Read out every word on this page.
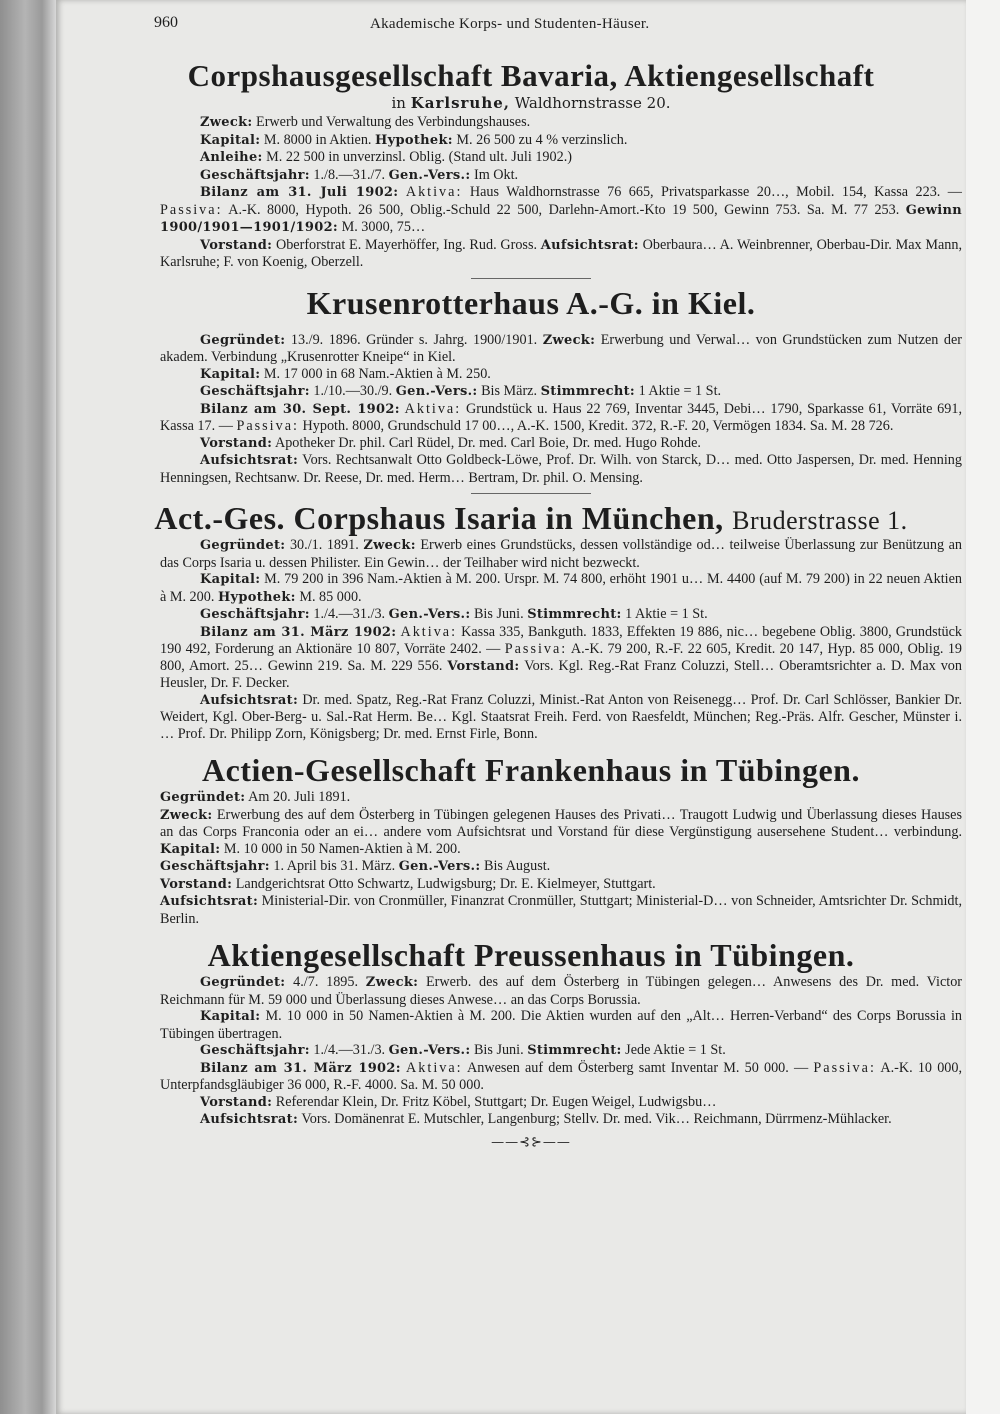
960	Akademische Korps- und Studenten-Häuser.
Corpshausgesellschaft Bavaria, Aktiengesellschaft
in Karlsruhe, Waldhornstrasse 20.

Zweck: Erwerb und Verwaltung des Verbindungshauses.

Kapital: M. 8000 in Aktien. Hypothek: M. 26 500 zu 4 % verzinslich.

Anleihe: M. 22 500 in unverzinsl. Oblig. (Stand ult. Juli 1902.)

Geschäftsjahr: 1./8.—31./7. Gen.-Vers.: Im Okt.

Bilanz am 31. Juli 1902: Aktiva: Haus Waldhornstrasse 76 665, Privatsparkasse 20…, Mobil. 154, Kassa 223. — Passiva: A.-K. 8000, Hypoth. 26 500, Oblig.-Schuld 22 500, Darlehn-Amort.-Kto 19 500, Gewinn 753. Sa. M. 77 253. Gewinn 1900/1901—1901/1902: M. 3000, 75…

Vorstand: Oberforstrat E. Mayerhöffer, Ing. Rud. Gross. Aufsichtsrat: Oberbaura… A. Weinbrenner, Oberbau-Dir. Max Mann, Karlsruhe; F. von Koenig, Oberzell.

Krusenrotterhaus A.-G. in Kiel.

Gegründet: 13./9. 1896. Gründer s. Jahrg. 1900/1901. Zweck: Erwerbung und Verwal… von Grundstücken zum Nutzen der akadem. Verbindung „Krusenrotter Kneipe“ in Kiel.

Kapital: M. 17 000 in 68 Nam.-Aktien à M. 250.

Geschäftsjahr: 1./10.—30./9. Gen.-Vers.: Bis März. Stimmrecht: 1 Aktie = 1 St.

Bilanz am 30. Sept. 1902: Aktiva: Grundstück u. Haus 22 769, Inventar 3445, Debi… 1790, Sparkasse 61, Vorräte 691, Kassa 17. — Passiva: Hypoth. 8000, Grundschuld 17 00…, A.-K. 1500, Kredit. 372, R.-F. 20, Vermögen 1834. Sa. M. 28 726.

Vorstand: Apotheker Dr. phil. Carl Rüdel, Dr. med. Carl Boie, Dr. med. Hugo Rohde.

Aufsichtsrat: Vors. Rechtsanwalt Otto Goldbeck-Löwe, Prof. Dr. Wilh. von Starck, D… med. Otto Jaspersen, Dr. med. Henning Henningsen, Rechtsanw. Dr. Reese, Dr. med. Herm… Bertram, Dr. phil. O. Mensing.

Act.-Ges. Corpshaus Isaria in München, Bruderstrasse 1.

Gegründet: 30./1. 1891. Zweck: Erwerb eines Grundstücks, dessen vollständige od… teilweise Überlassung zur Benützung an das Corps Isaria u. dessen Philister. Ein Gewin… der Teilhaber wird nicht bezweckt.

Kapital: M. 79 200 in 396 Nam.-Aktien à M. 200. Urspr. M. 74 800, erhöht 1901 u… M. 4400 (auf M. 79 200) in 22 neuen Aktien à M. 200. Hypothek: M. 85 000.

Geschäftsjahr: 1./4.—31./3. Gen.-Vers.: Bis Juni. Stimmrecht: 1 Aktie = 1 St.

Bilanz am 31. März 1902: Aktiva: Kassa 335, Bankguth. 1833, Effekten 19 886, nic… begebene Oblig. 3800, Grundstück 190 492, Forderung an Aktionäre 10 807, Vorräte 2402. — Passiva: A.-K. 79 200, R.-F. 22 605, Kredit. 20 147, Hyp. 85 000, Oblig. 19 800, Amort. 25… Gewinn 219. Sa. M. 229 556. Vorstand: Vors. Kgl. Reg.-Rat Franz Coluzzi, Stell… Oberamtsrichter a. D. Max von Heusler, Dr. F. Decker.

Aufsichtsrat: Dr. med. Spatz, Reg.-Rat Franz Coluzzi, Minist.-Rat Anton von Reisenegg… Prof. Dr. Carl Schlösser, Bankier Dr. Weidert, Kgl. Ober-Berg- u. Sal.-Rat Herm. Be… Kgl. Staatsrat Freih. Ferd. von Raesfeldt, München; Reg.-Präs. Alfr. Gescher, Münster i. … Prof. Dr. Philipp Zorn, Königsberg; Dr. med. Ernst Firle, Bonn.

Actien-Gesellschaft Frankenhaus in Tübingen.

Gegründet: Am 20. Juli 1891.

Zweck: Erwerbung des auf dem Österberg in Tübingen gelegenen Hauses des Privati… Traugott Ludwig und Überlassung dieses Hauses an das Corps Franconia oder an ei… andere vom Aufsichtsrat und Vorstand für diese Vergünstigung ausersehene Student… verbindung. Kapital: M. 10 000 in 50 Namen-Aktien à M. 200.

Geschäftsjahr: 1. April bis 31. März. Gen.-Vers.: Bis August.

Vorstand: Landgerichtsrat Otto Schwartz, Ludwigsburg; Dr. E. Kielmeyer, Stuttgart.

Aufsichtsrat: Ministerial-Dir. von Cronmüller, Finanzrat Cronmüller, Stuttgart; Ministerial-D… von Schneider, Amtsrichter Dr. Schmidt, Berlin.

Aktiengesellschaft Preussenhaus in Tübingen.

Gegründet: 4./7. 1895. Zweck: Erwerb. des auf dem Österberg in Tübingen gelegen… Anwesens des Dr. med. Victor Reichmann für M. 59 000 und Überlassung dieses Anwese… an das Corps Borussia.

Kapital: M. 10 000 in 50 Namen-Aktien à M. 200. Die Aktien wurden auf den „Alt… Herren-Verband“ des Corps Borussia in Tübingen übertragen.

Geschäftsjahr: 1./4.—31./3. Gen.-Vers.: Bis Juni. Stimmrecht: Jede Aktie = 1 St.

Bilanz am 31. März 1902: Aktiva: Anwesen auf dem Österberg samt Inventar M. 50 000. — Passiva: A.-K. 10 000, Unterpfandsgläubiger 36 000, R.-F. 4000. Sa. M. 50 000.

Vorstand: Referendar Klein, Dr. Fritz Köbel, Stuttgart; Dr. Eugen Weigel, Ludwigsbu…

Aufsichtsrat: Vors. Domänenrat E. Mutschler, Langenburg; Stellv. Dr. med. Vik… Reichmann, Dürrmenz-Mühlacker.

——⊰⊱——
